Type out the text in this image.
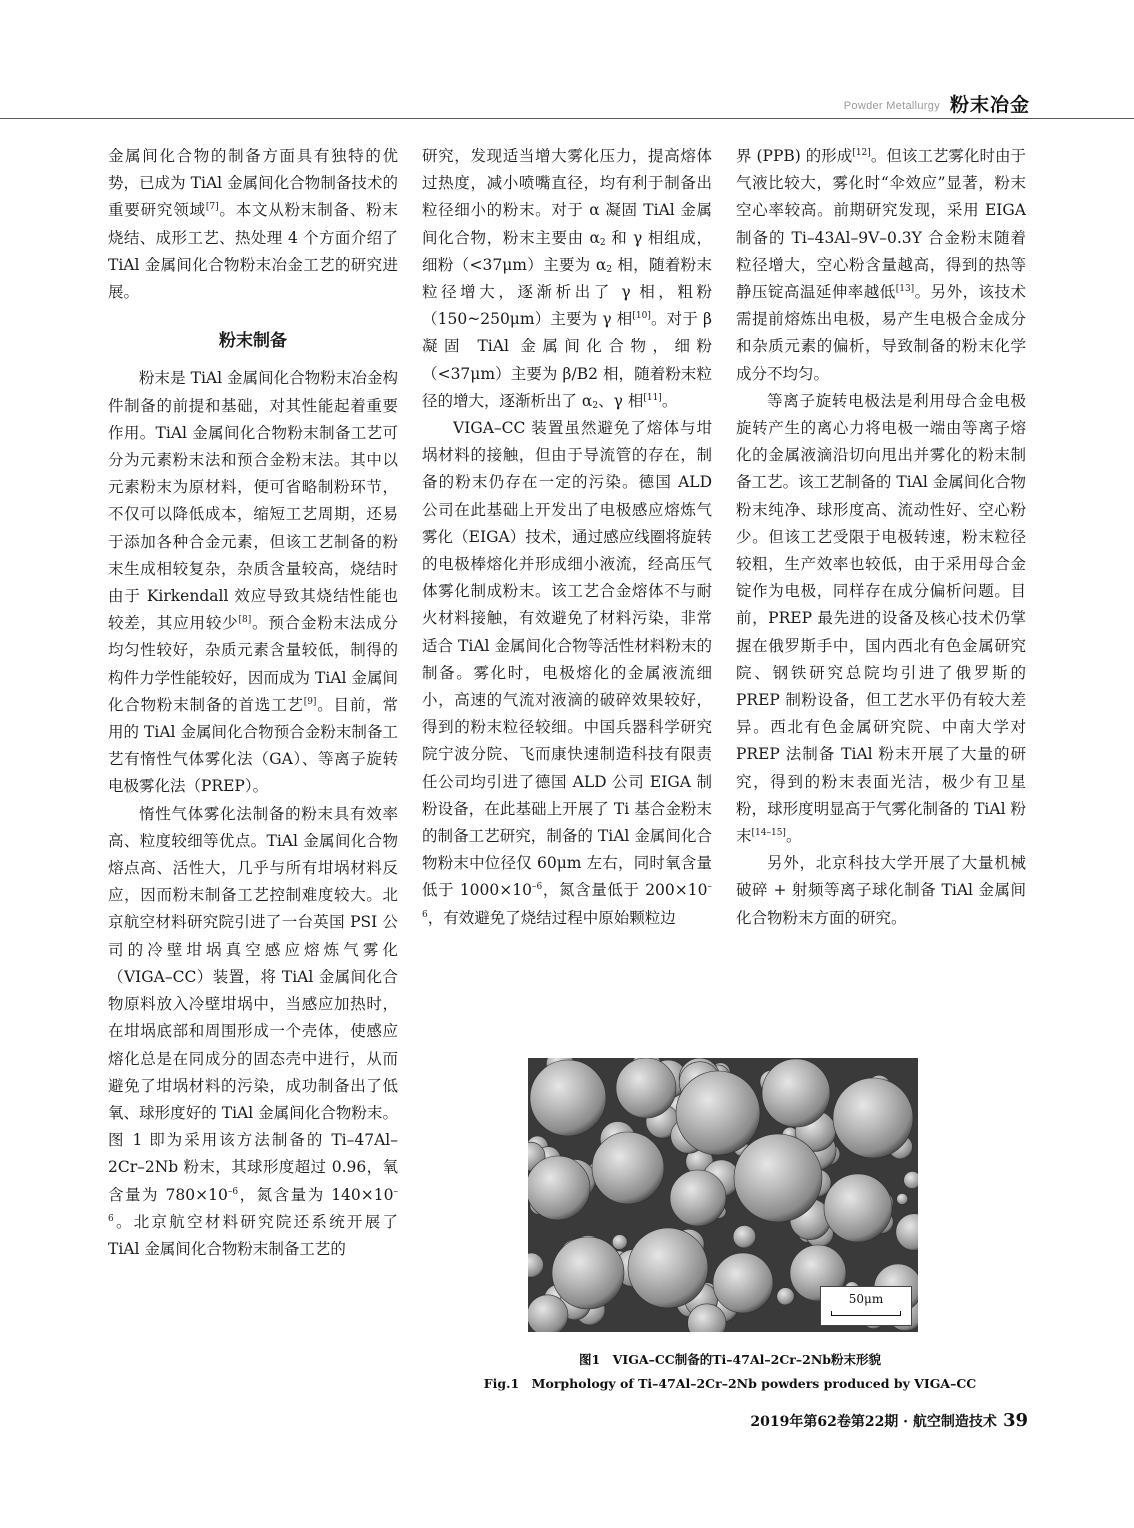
Powder Metallurgy 粉末冶金

金属间化合物的制备方面具有独特的优势，已成为 TiAl 金属间化合物制备技术的重要研究领域[7]。本文从粉末制备、粉末烧结、成形工艺、热处理 4 个方面介绍了 TiAl 金属间化合物粉末冶金工艺的研究进展。

粉末制备

粉末是 TiAl 金属间化合物粉末冶金构件制备的前提和基础，对其性能起着重要作用。TiAl 金属间化合物粉末制备工艺可分为元素粉末法和预合金粉末法。其中以元素粉末为原材料，便可省略制粉环节，不仅可以降低成本，缩短工艺周期，还易于添加各种合金元素，但该工艺制备的粉末生成相较复杂，杂质含量较高，烧结时由于 Kirkendall 效应导致其烧结性能也较差，其应用较少[8]。预合金粉末法成分均匀性较好，杂质元素含量较低，制得的构件力学性能较好，因而成为 TiAl 金属间化合物粉末制备的首选工艺[9]。目前，常用的 TiAl 金属间化合物预合金粉末制备工艺有惰性气体雾化法（GA）、等离子旋转电极雾化法（PREP）。

惰性气体雾化法制备的粉末具有效率高、粒度较细等优点。TiAl 金属间化合物熔点高、活性大，几乎与所有坩埚材料反应，因而粉末制备工艺控制难度较大。北京航空材料研究院引进了一台英国 PSI 公司的冷壁坩埚真空感应熔炼气雾化（VIGA–CC）装置，将 TiAl 金属间化合物原料放入冷壁坩埚中，当感应加热时，在坩埚底部和周围形成一个壳体，使感应熔化总是在同成分的固态壳中进行，从而避免了坩埚材料的污染，成功制备出了低氧、球形度好的 TiAl 金属间化合物粉末。图 1 即为采用该方法制备的 Ti–47Al–2Cr–2Nb 粉末，其球形度超过 0.96，氧含量为 $780\times 10^{-6}$，氮含量为 $140\times 10^{-6}$。北京航空材料研究院还系统开展了 TiAl 金属间化合物粉末制备工艺的

研究，发现适当增大雾化压力，提高熔体过热度，减小喷嘴直径，均有利于制备出粒径细小的粉末。对于 α 凝固 TiAl 金属间化合物，粉末主要由 $\alpha_2$ 和 γ 相组成，细粉（<37μm）主要为 $\alpha_2$ 相，随着粉末粒径增大，逐渐析出了 γ 相，粗粉（150~250μm）主要为 γ 相[10]。对于 β 凝固 TiAl 金属间化合物，细粉（<37μm）主要为 β/B2 相，随着粉末粒径的增大，逐渐析出了 $\alpha_2$、γ 相[11]。

VIGA–CC 装置虽然避免了熔体与坩埚材料的接触，但由于导流管的存在，制备的粉末仍存在一定的污染。德国 ALD 公司在此基础上开发出了电极感应熔炼气雾化（EIGA）技术，通过感应线圈将旋转的电极棒熔化并形成细小液流，经高压气体雾化制成粉末。该工艺合金熔体不与耐火材料接触，有效避免了材料污染，非常适合 TiAl 金属间化合物等活性材料粉末的制备。雾化时，电极熔化的金属液流细小，高速的气流对液滴的破碎效果较好，得到的粉末粒径较细。中国兵器科学研究院宁波分院、飞而康快速制造科技有限责任公司均引进了德国 ALD 公司 EIGA 制粉设备，在此基础上开展了 Ti 基合金粉末的制备工艺研究，制备的 TiAl 金属间化合物粉末中位径仅 60μm 左右，同时氧含量低于 $1000\times 10^{-6}$，氮含量低于 $200\times 10^{-6}$，有效避免了烧结过程中原始颗粒边

界 (PPB) 的形成[12]。但该工艺雾化时由于气液比较大，雾化时“伞效应”显著，粉末空心率较高。前期研究发现，采用 EIGA 制备的 Ti–43Al–9V–0.3Y 合金粉末随着粒径增大，空心粉含量越高，得到的热等静压锭高温延伸率越低[13]。另外，该技术需提前熔炼出电极，易产生电极合金成分和杂质元素的偏析，导致制备的粉末化学成分不均匀。

等离子旋转电极法是利用母合金电极旋转产生的离心力将电极一端由等离子熔化的金属液滴沿切向甩出并雾化的粉末制备工艺。该工艺制备的 TiAl 金属间化合物粉末纯净、球形度高、流动性好、空心粉少。但该工艺受限于电极转速，粉末粒径较粗，生产效率也较低，由于采用母合金锭作为电极，同样存在成分偏析问题。目前，PREP 最先进的设备及核心技术仍掌握在俄罗斯手中，国内西北有色金属研究院、钢铁研究总院均引进了俄罗斯的 PREP 制粉设备，但工艺水平仍有较大差异。西北有色金属研究院、中南大学对 PREP 法制备 TiAl 粉末开展了大量的研究，得到的粉末表面光洁，极少有卫星粉，球形度明显高于气雾化制备的 TiAl 粉末[14–15]。

另外，北京科技大学开展了大量机械破碎 + 射频等离子球化制备 TiAl 金属间化合物粉末方面的研究。

50μm
图1　VIGA–CC制备的Ti–47Al–2Cr–2Nb粉末形貌
Fig.1　Morphology of Ti–47Al–2Cr–2Nb powders produced by VIGA–CC
2019年第62卷第22期 · 航空制造技术 39
